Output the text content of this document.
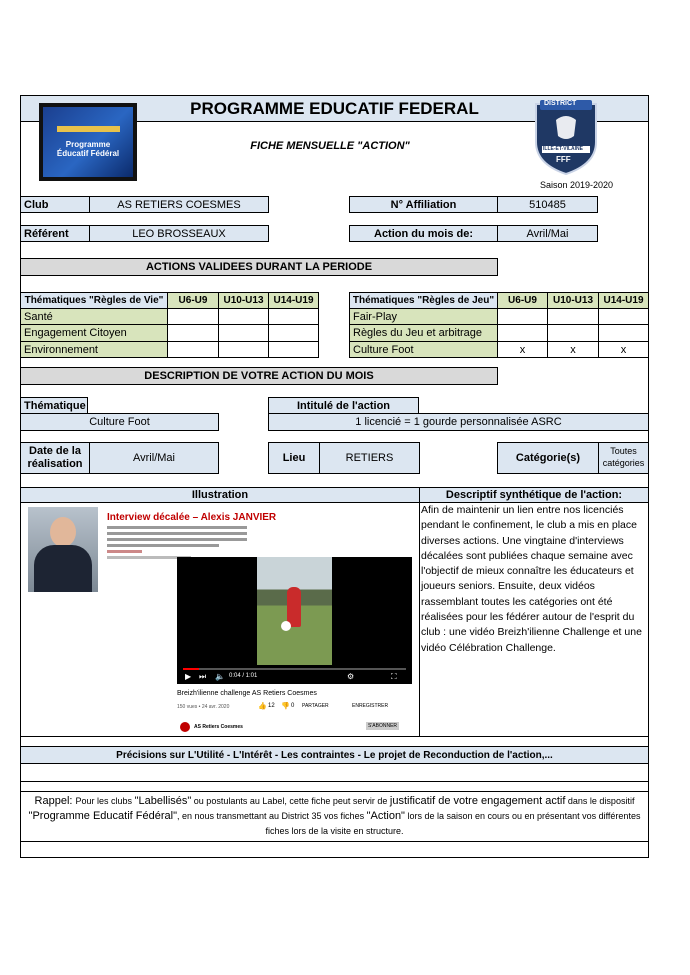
PROGRAMME EDUCATIF FEDERAL
Programme
Éducatif Fédéral
FICHE MENSUELLE "ACTION"
DISTRICT
ILLE-ET-VILAINE
FFF
Saison 2019-2020
Club	AS RETIERS COESMES	N° Affiliation	510485
Référent	LEO BROSSEAUX	Action du mois de:	Avril/Mai
ACTIONS VALIDEES DURANT LA PERIODE
Thématiques "Règles de Vie"	U6-U9	U10-U13 U14-U19
Santé
Engagement Citoyen
Environnement
Thématiques "Règles de Jeu"	U6-U9	U10-U13	U14-U19
Fair-Play
Règles du Jeu et arbitrage
Culture Foot	x	x	x
DESCRIPTION DE VOTRE ACTION DU MOIS
Thématique
Culture Foot
Intitulé de l'action
1 licencié = 1 gourde personnalisée ASRC
Date de la réalisation	Avril/Mai	Lieu	RETIERS	Catégorie(s)
Toutes catégories
Illustration	Descriptif synthétique de l'action:
Interview décalée – Alexis JANVIER
▶ ⏭ 🔈 0:04 / 1:01	⚙	⛶
Breizh'ilienne challenge AS Retiers Coesmes
150 vues • 24 avr. 2020	👍 12 👎 0 PARTAGER	ENREGISTRER
AS Retiers Coesmes	S'ABONNER
Afin de maintenir un lien entre nos licenciés pendant le confinement, le club a mis en place diverses actions. Une vingtaine d'interviews décalées sont publiées chaque semaine avec l'objectif de mieux connaître les éducateurs et joueurs seniors. Ensuite, deux vidéos rassemblant toutes les catégories ont été réalisées pour les fédérer autour de l'esprit du club : une vidéo Breizh'ilienne Challenge et une vidéo Célébration Challenge.
Précisions sur L'Utilité - L'Intérêt - Les contraintes - Le projet de Reconduction de l'action,...
Rappel: Pour les clubs "Labellisés" ou postulants au Label, cette fiche peut servir de justificatif de votre engagement actif dans le dispositif "Programme Educatif Fédéral", en nous transmettant au District 35 vos fiches "Action" lors de la saison en cours ou en présentant vos différentes fiches lors de la visite en structure.
